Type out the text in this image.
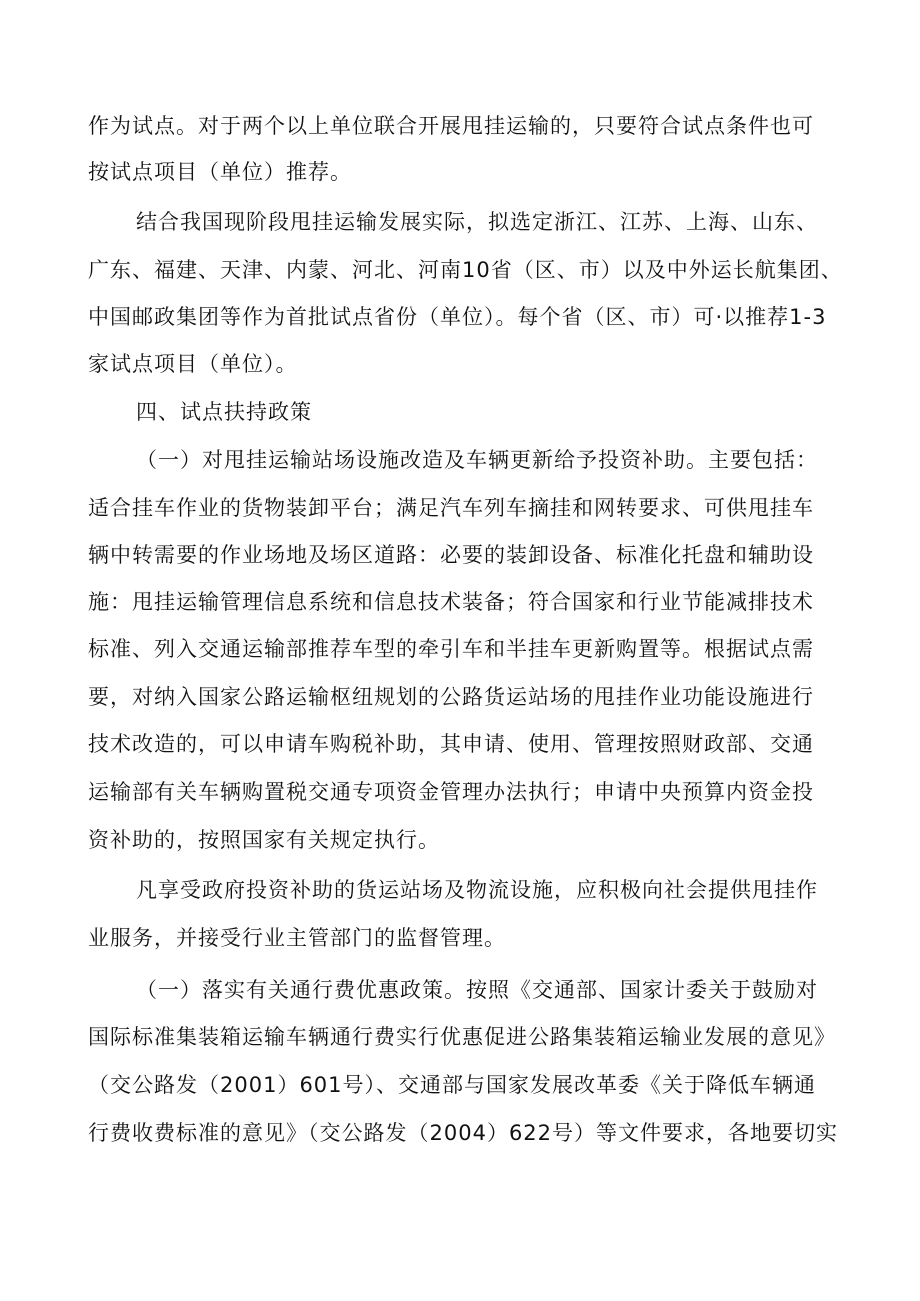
作为试点。对于两个以上单位联合开展甩挂运输的，只要符合试点条件也可
按试点项目（单位）推荐。
结合我国现阶段甩挂运输发展实际，拟选定浙江、江苏、上海、山东、
广东、福建、天津、内蒙、河北、河南10省（区、市）以及中外运长航集团、
中国邮政集团等作为首批试点省份（单位）。每个省（区、市）可·以推荐1-3
家试点项目（单位）。
四、试点扶持政策
（一）对甩挂运输站场设施改造及车辆更新给予投资补助。主要包括：
适合挂车作业的货物装卸平台；满足汽车列车摘挂和网转要求、可供甩挂车
辆中转需要的作业场地及场区道路：必要的装卸设备、标准化托盘和辅助设
施：甩挂运输管理信息系统和信息技术装备；符合国家和行业节能减排技术
标准、列入交通运输部推荐车型的牵引车和半挂车更新购置等。根据试点需
要，对纳入国家公路运输枢纽规划的公路货运站场的甩挂作业功能设施进行
技术改造的，可以申请车购税补助，其申请、使用、管理按照财政部、交通
运输部有关车辆购置税交通专项资金管理办法执行；申请中央预算内资金投
资补助的，按照国家有关规定执行。
凡享受政府投资补助的货运站场及物流设施，应积极向社会提供甩挂作
业服务，并接受行业主管部门的监督管理。
（一）落实有关通行费优惠政策。按照《交通部、国家计委关于鼓励对
国际标准集装箱运输车辆通行费实行优惠促进公路集装箱运输业发展的意见》
（交公路发（2001）601号）、交通部与国家发展改革委《关于降低车辆通
行费收费标准的意见》（交公路发（2004）622号）等文件要求，各地要切实
